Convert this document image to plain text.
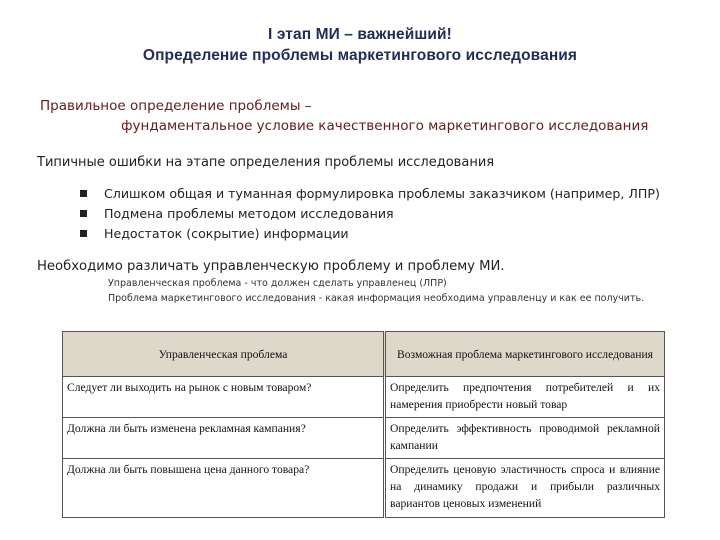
I этап МИ – важнейший!
Определение проблемы маркетингового исследования
Правильное определение проблемы –
фундаментальное условие качественного маркетингового исследования
Типичные ошибки на этапе определения проблемы исследования
Слишком общая и туманная формулировка проблемы заказчиком (например, ЛПР)
Подмена проблемы методом исследования
Недостаток (сокрытие) информации
Необходимо различать управленческую проблему и проблему МИ.
Управленческая проблема - что должен сделать управленец (ЛПР)
Проблема маркетингового исследования - какая информация необходима управленцу и как ее получить.
Управленческая проблема	Возможная проблема маркетингового исследования
Следует ли выходить на рынок с новым товаром?	Определить предпочтения потребителей и их намерения приобрести новый товар
Должна ли быть изменена рекламная кампания?	Определить эффективность проводимой рекламной кампании
Должна ли быть повышена цена данного товара?	Определить ценовую эластичность спроса и влияние на динамику продажи и прибыли различных вариантов ценовых изменений
